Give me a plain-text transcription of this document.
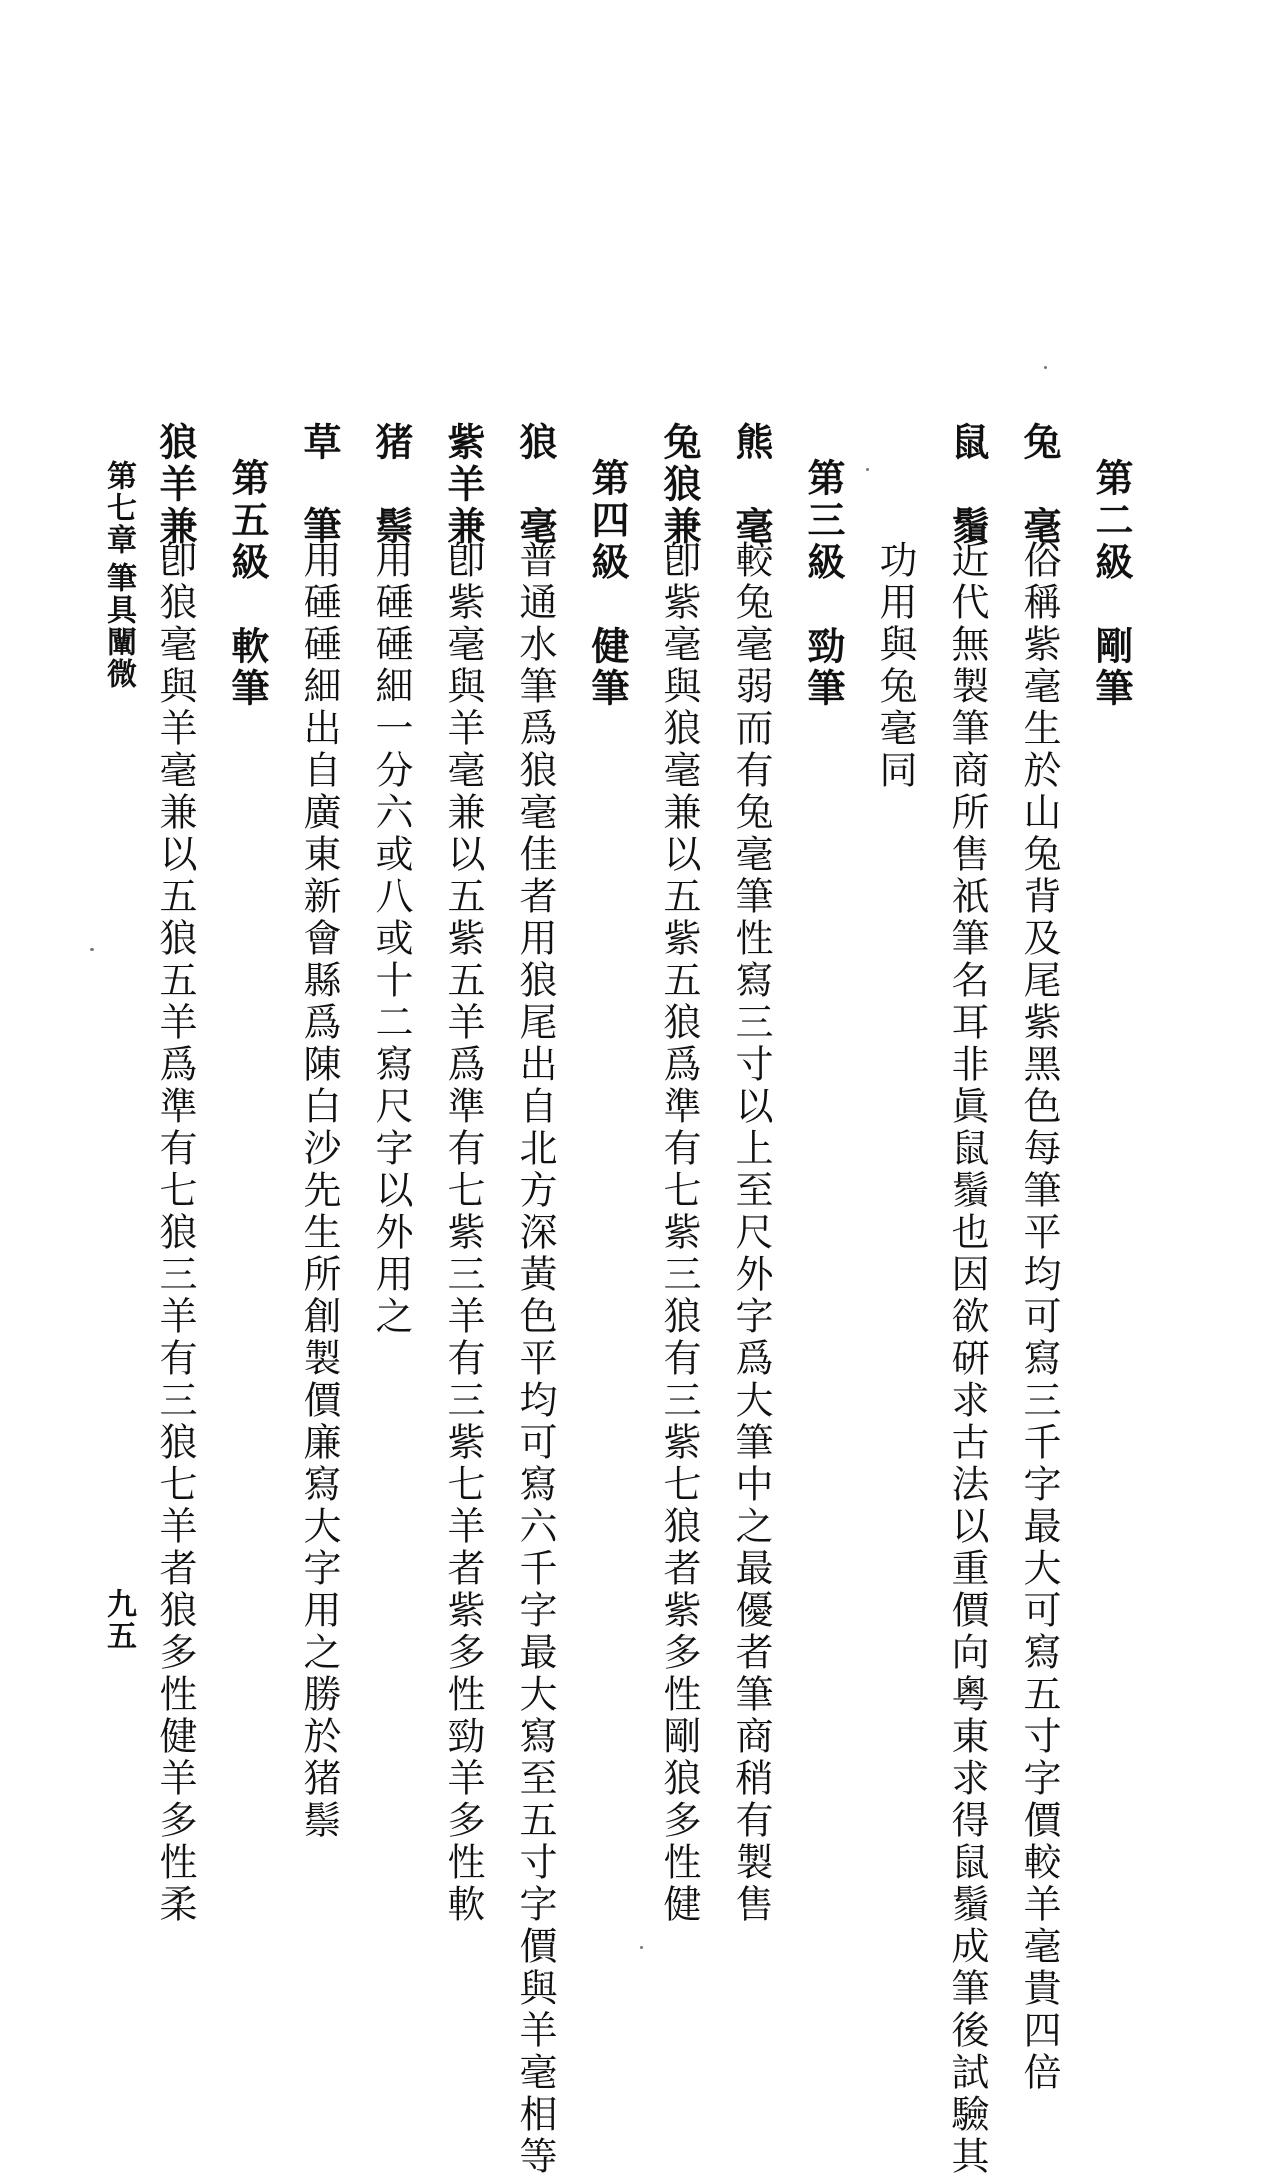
第二級　剛筆
兔　毫
俗稱紫毫生於山兔背及尾紫黑色每筆平均可寫三千字最大可寫五寸字價較羊毫貴四倍
鼠　鬚
近代無製筆商所售祇筆名耳非眞鼠鬚也因欲硏求古法以重價向粵東求得鼠鬚成筆後試驗其
功用與兔毫同
第三級　勁筆
熊　毫
較兔毫弱而有兔毫筆性寫三寸以上至尺外字爲大筆中之最優者筆商稍有製售
兔狼兼
卽紫毫與狼毫兼以五紫五狼爲準有七紫三狼有三紫七狼者紫多性剛狼多性健
第四級　健筆
狼　毫
普通水筆爲狼毫佳者用狼尾出自北方深黃色平均可寫六千字最大寫至五寸字價與羊毫相等
紫羊兼
卽紫毫與羊毫兼以五紫五羊爲準有七紫三羊有三紫七羊者紫多性勁羊多性軟
猪　鬃
用硾硾細一分六或八或十二寫尺字以外用之
草　筆
用硾硾細出自廣東新會縣爲陳白沙先生所創製價廉寫大字用之勝於猪鬃
第五級　軟筆
狼羊兼
卽狼毫與羊毫兼以五狼五羊爲準有七狼三羊有三狼七羊者狼多性健羊多性柔
第七章
筆具闡微
九五
